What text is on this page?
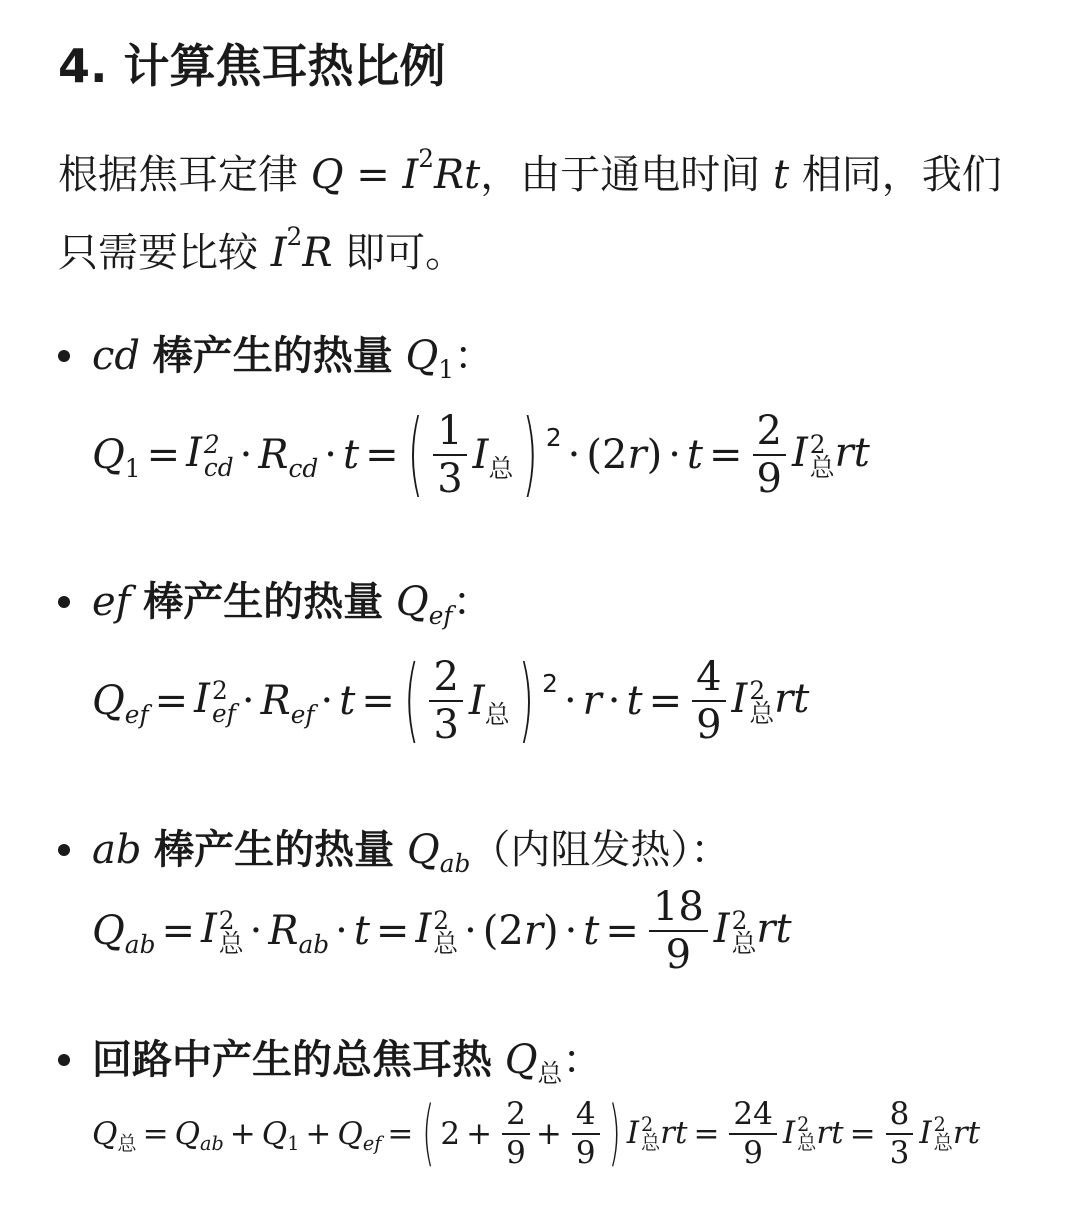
4. 计算焦耳热比例

根据焦耳定律 $Q = I^2Rt$，由于通电时间 t 相同，我们只需要比较 $I^2R$ 即可。

cd
棒产生的热量
$Q_1$ ：
$Q_1 = I$ 2
cd · $R_{cd} \cdot t$ = ( $\frac{1}{3} I_总$ ) $2 \cdot (2r) \cdot t = \frac{2}{9}$ I 2
总 rt
ef
棒产生的热量
$Q_{ef}$ ：
$Q_{ef} = I$ 2
ef · $R_{ef} \cdot t$ = ( $\frac{2}{3} I_总$ ) $2 \cdot r \cdot t = \frac{4}{9}$ I 2
总 rt
ab
棒产生的热量
$Q_{ab}$ （内阻发热）：
$Q_{ab} = I$ 2
总 · $R_{ab} \cdot t = I$ 2
总 · $(2r) \cdot t = \frac{18}{9}$ I 2
总 rt
回路中产生的总焦耳热
$Q_总$ ：
$Q_总 = Q_{ab} + Q_1 + Q_{ef}$ = ( $2 + \frac{2}{9} + \frac{4}{9}$ ) I 2
总 rt = $\frac{24}{9}$ I 2
总 rt = $\frac{8}{3}$ I 2
总 rt
